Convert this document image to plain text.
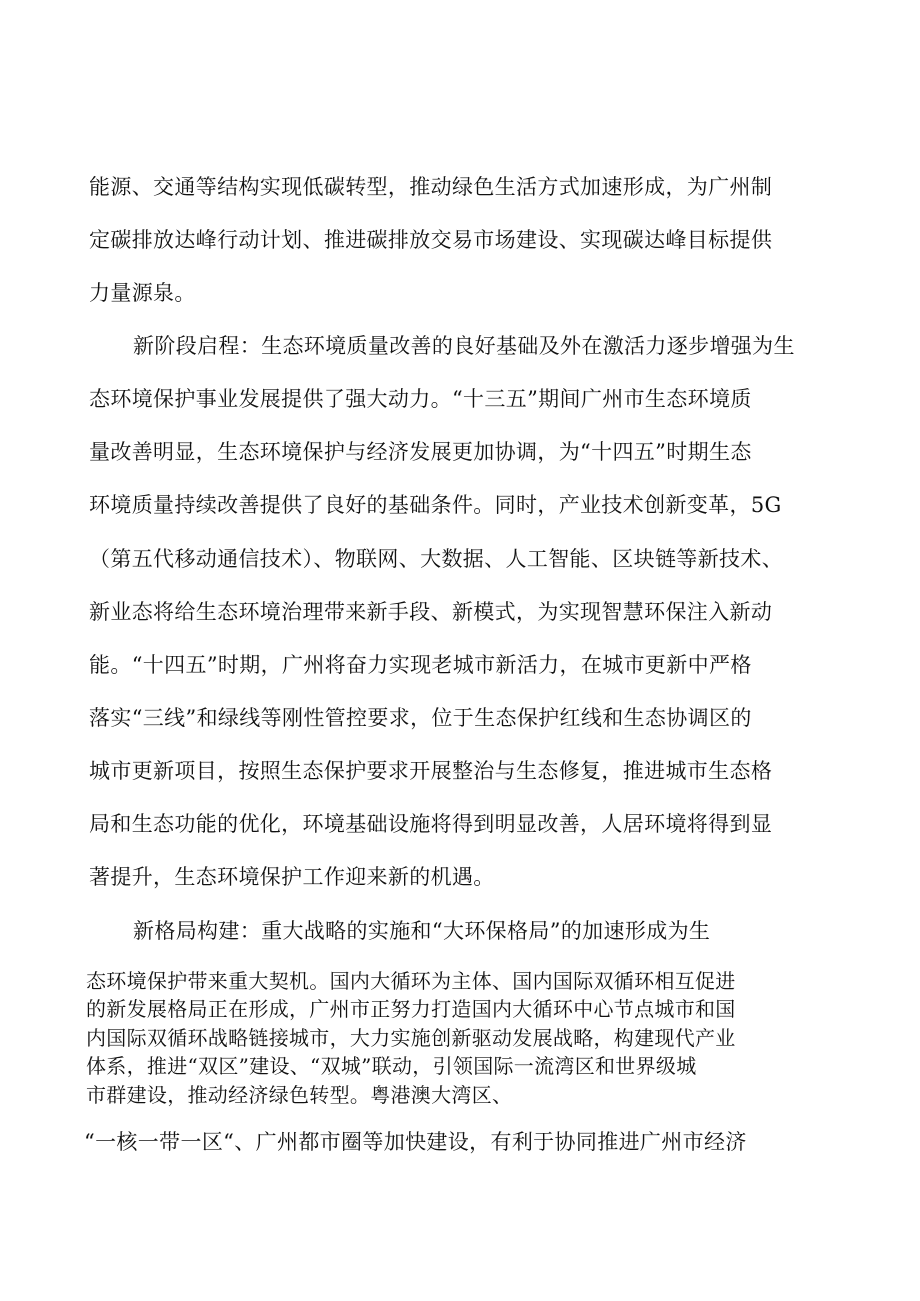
能源、交通等结构实现低碳转型，推动绿色生活方式加速形成，为广州制
定碳排放达峰行动计划、推进碳排放交易市场建设、实现碳达峰目标提供
力量源泉。
新阶段启程：生态环境质量改善的良好基础及外在激活力逐步增强为生
态环境保护事业发展提供了强大动力。“十三五”期间广州市生态环境质
量改善明显，生态环境保护与经济发展更加协调，为“十四五”时期生态
环境质量持续改善提供了良好的基础条件。同时，产业技术创新变革，5G
（第五代移动通信技术）、物联网、大数据、人工智能、区块链等新技术、
新业态将给生态环境治理带来新手段、新模式，为实现智慧环保注入新动
能。“十四五”时期，广州将奋力实现老城市新活力，在城市更新中严格
落实“三线”和绿线等刚性管控要求，位于生态保护红线和生态协调区的
城市更新项目，按照生态保护要求开展整治与生态修复，推进城市生态格
局和生态功能的优化，环境基础设施将得到明显改善，人居环境将得到显
著提升，生态环境保护工作迎来新的机遇。
新格局构建：重大战略的实施和“大环保格局”的加速形成为生
态环境保护带来重大契机。国内大循环为主体、国内国际双循环相互促进
的新发展格局正在形成，广州市正努力打造国内大循环中心节点城市和国
内国际双循环战略链接城市，大力实施创新驱动发展战略，构建现代产业
体系，推进“双区”建设、“双城”联动，引领国际一流湾区和世界级城
市群建设，推动经济绿色转型。粤港澳大湾区、
“一核一带一区“、广州都市圈等加快建设，有利于协同推进广州市经济
